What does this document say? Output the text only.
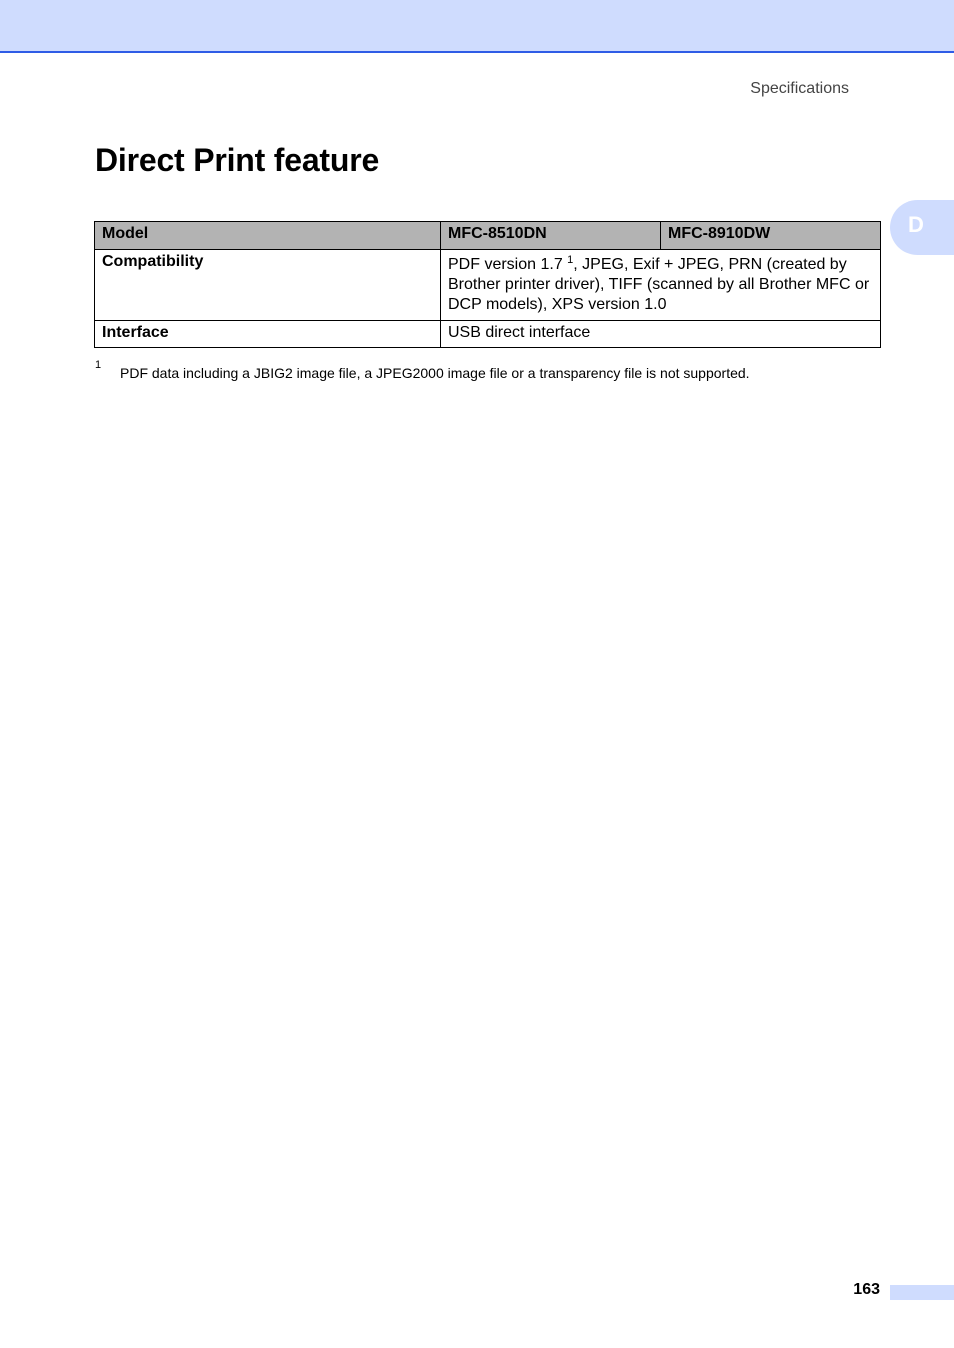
Specifications
Direct Print feature
D
Model	MFC-8510DN	MFC-8910DW
Compatibility	PDF version 1.7 $^1$, JPEG, Exif + JPEG, PRN (created by Brother printer driver), TIFF (scanned by all Brother MFC or DCP models), XPS version 1.0	
Interface	USB direct interface	
1 PDF data including a JBIG2 image file, a JPEG2000 image file or a transparency file is not supported.
163
